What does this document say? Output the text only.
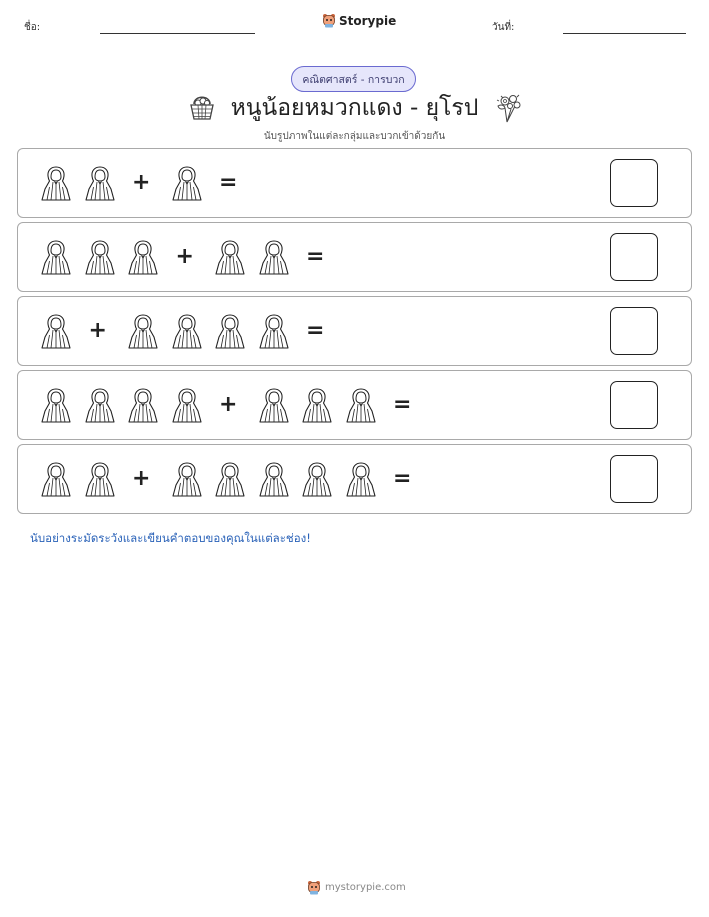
ชื่อ:	Storypie	วันที่:
คณิตศาสตร์ - การบวก
หนูน้อยหมวกแดง - ยุโรป
นับรูปภาพในแต่ละกลุ่มและบวกเข้าด้วยกัน
+	=
+	=
+	=
+	=
+	=
นับอย่างระมัดระวังและเขียนคำตอบของคุณในแต่ละช่อง!
mystorypie.com
